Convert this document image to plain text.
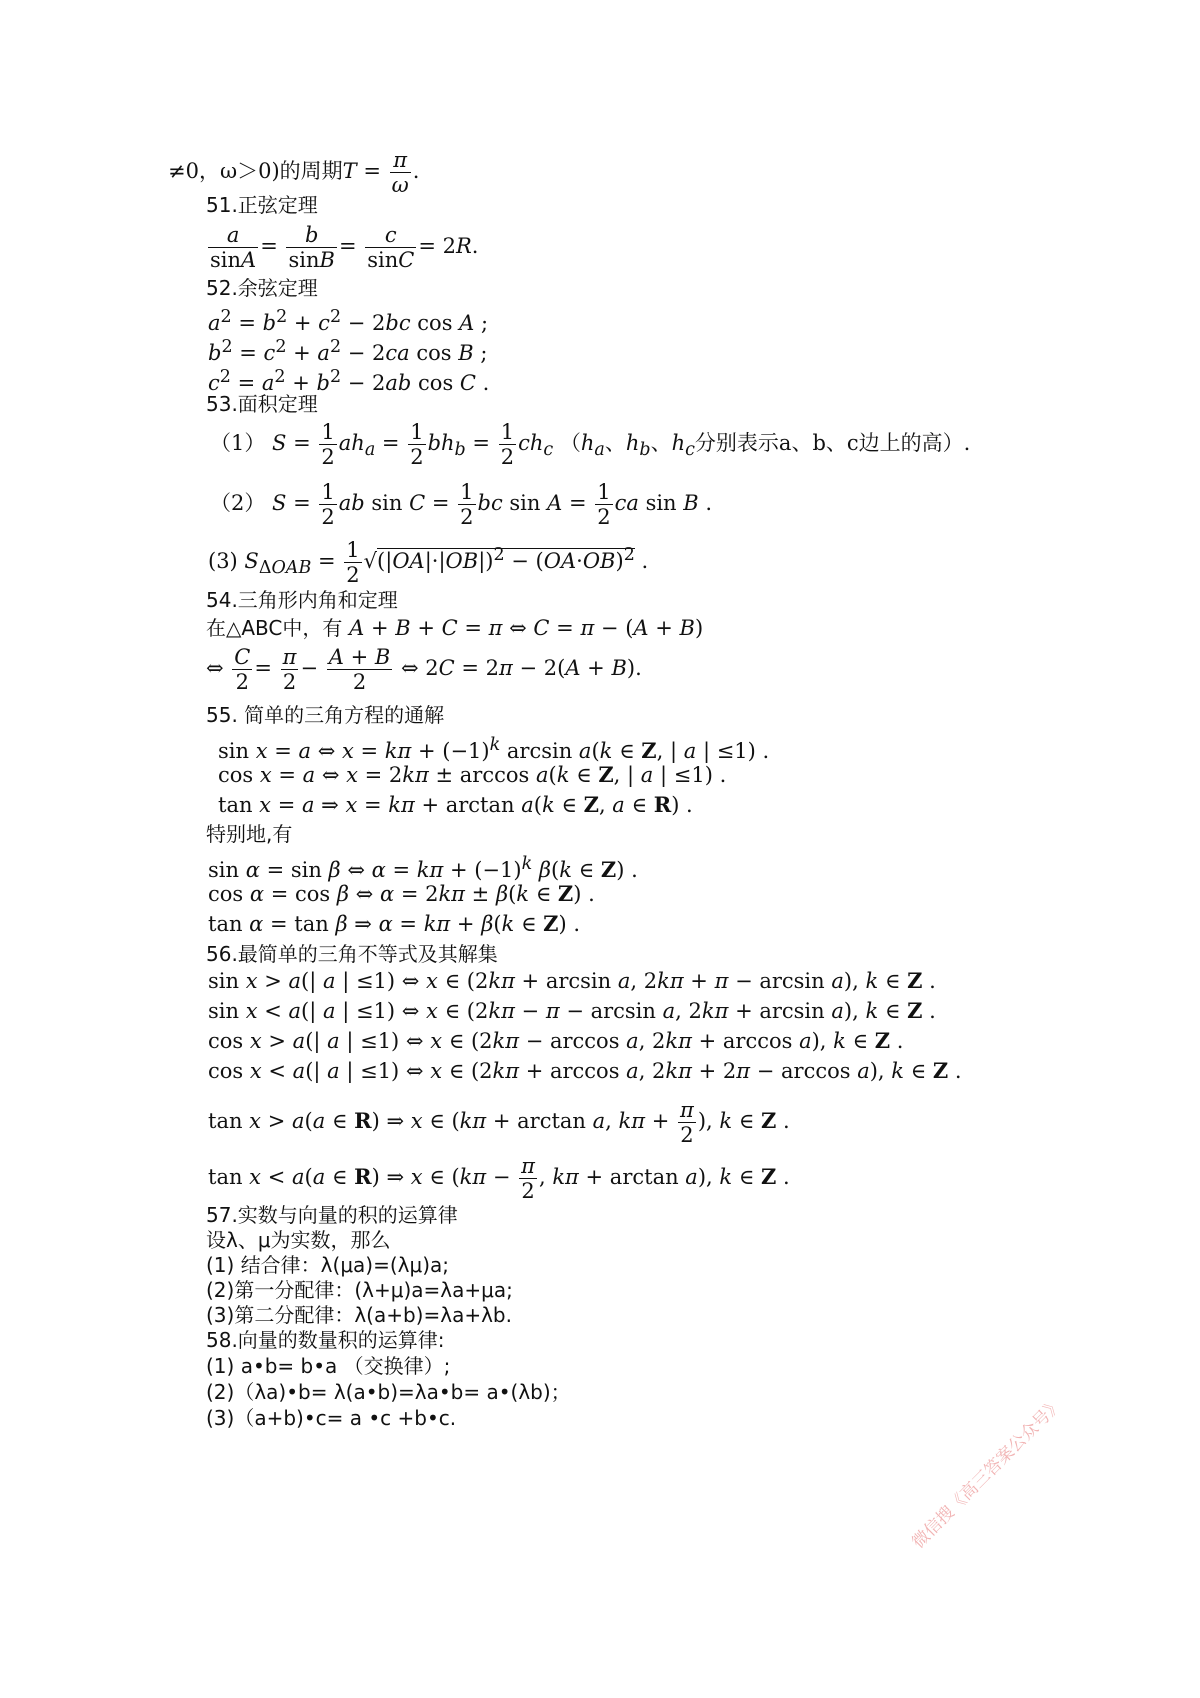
≠0，ω＞0)的周期$T = \frac{\pi}{\omega}$ .
51.正弦定理
$\frac{a}{\sin A} = \frac{b}{\sin B} = \frac{c}{\sin C} = 2R$.
52.余弦定理
$a^2 = b^2 + c^2 - 2bc$ cos A ;
$b^2 = c^2 + a^2 - 2ca$ cos B ;
$c^2 = a^2 + b^2 - 2ab$ cos C .
53.面积定理
（1） $S = \frac{1}{2} ah_a = \frac{1}{2} bh_b = \frac{1}{2} ch_c$ （$h_a$、$h_b$、$h_c$分别表示a、b、c边上的高）.
（2） $S = \frac{1}{2}$ ab $\sin C = \frac{1}{2}$ bc $\sin A = \frac{1}{2}$ ca sin B .
(3) $S_{\Delta OAB} = \frac{1}{2} √(|OA|\cdot|OB|)^2 - (OA\cdot OB)^2$ .
54.三角形内角和定理
在△ABC中，有 A + B + C = π ⇔ C = π − (A + B)
⇔ $\frac{C}{2} = \frac{\pi}{2} - \frac{A + B}{2}$ ⇔ 2C = 2π − 2(A + B).
55. 简单的三角方程的通解
sin x = a ⇔ $x = k\pi + (-1)^k$ arcsin a(k ∈ Z, | a | ≤1) .
cos x = a ⇔ x = 2kπ ± arccos a(k ∈ Z, | a | ≤1) .
tan x = a ⇒ x = kπ + arctan a(k ∈ Z, a ∈ R) .
特别地,有
sin α = sin β ⇔ $\alpha = k\pi + (-1)^k$ β(k ∈ Z) .
cos α = cos β ⇔ α = 2kπ ± β(k ∈ Z) .
tan α = tan β ⇒ α = kπ + β(k ∈ Z) .
56.最简单的三角不等式及其解集
sin x > a(| a | ≤1) ⇔ x ∈ (2kπ + arcsin a, 2kπ + π − arcsin a), k ∈ Z .
sin x < a(| a | ≤1) ⇔ x ∈ (2kπ − π − arcsin a, 2kπ + arcsin a), k ∈ Z .
cos x > a(| a | ≤1) ⇔ x ∈ (2kπ − arccos a, 2kπ + arccos a), k ∈ Z .
cos x < a(| a | ≤1) ⇔ x ∈ (2kπ + arccos a, 2kπ + 2π − arccos a), k ∈ Z .
tan x > a(a ∈ R) ⇒ x ∈ (kπ + arctan a, $k\pi + \frac{\pi}{2}$ ), k ∈ Z .
tan x < a(a ∈ R) ⇒ x ∈ ($k\pi - \frac{\pi}{2}$ , kπ + arctan a), k ∈ Z .
57.实数与向量的积的运算律
设λ、μ为实数，那么
(1) 结合律：λ(μa)=(λμ)a;
(2)第一分配律：(λ+μ)a=λa+μa;
(3)第二分配律：λ(a+b)=λa+λb.
58.向量的数量积的运算律:
(1) a•b= b•a （交换律）;
(2)（λa)•b= λ(a•b)=λa•b= a•(λb)；
(3)（a+b)•c= a •c +b•c.	微信搜《高三答案公众号》
